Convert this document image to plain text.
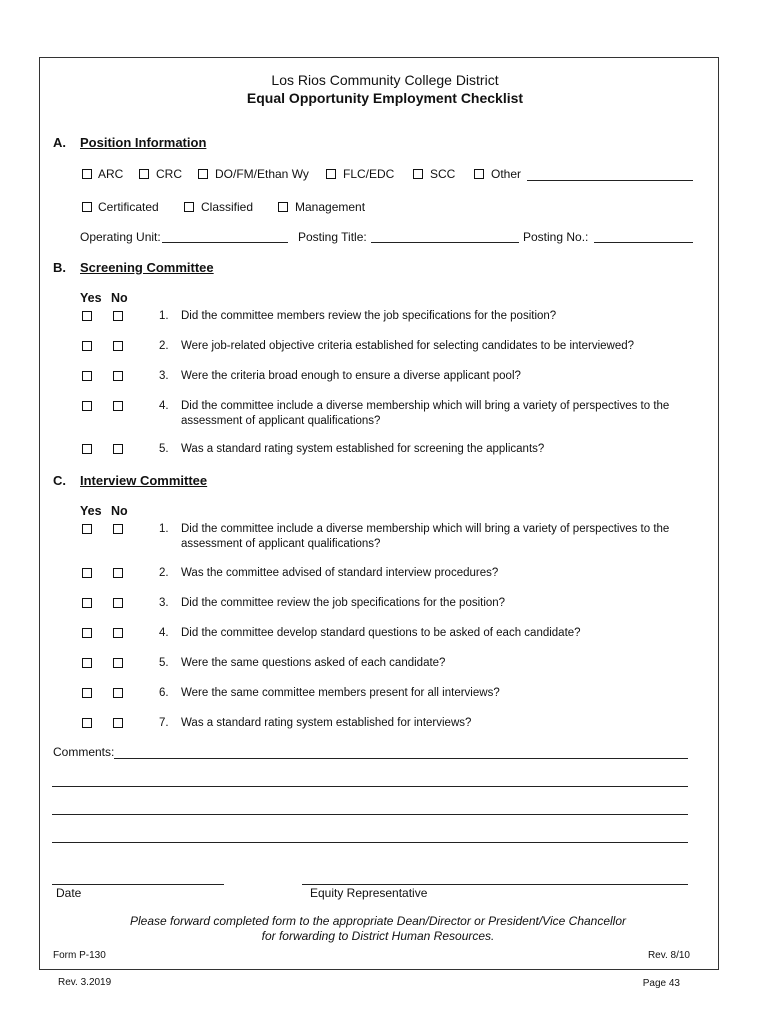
Los Rios Community College District
Equal Opportunity Employment Checklist
A. Position Information
ARC	CRC	DO/FM/Ethan Wy	FLC/EDC	SCC	Other
Certificated	Classified	Management
Operating Unit:	Posting Title:	Posting No.:
B. Screening Committee
Yes No
1. Did the committee members review the job specifications for the position?
2. Were job-related objective criteria established for selecting candidates to be interviewed?
3. Were the criteria broad enough to ensure a diverse applicant pool?
4. Did the committee include a diverse membership which will bring a variety of perspectives to the
assessment of applicant qualifications?
5. Was a standard rating system established for screening the applicants?
C. Interview Committee
Yes No
1. Did the committee include a diverse membership which will bring a variety of perspectives to the
assessment of applicant qualifications?
2. Was the committee advised of standard interview procedures?
3. Did the committee review the job specifications for the position?
4. Did the committee develop standard questions to be asked of each candidate?
5. Were the same questions asked of each candidate?
6. Were the same committee members present for all interviews?
7. Was a standard rating system established for interviews?
Comments:
Date	Equity Representative
Please forward completed form to the appropriate Dean/Director or President/Vice Chancellor
for forwarding to District Human Resources.
Form P-130	Rev. 8/10
Rev. 3.2019	Page 43
